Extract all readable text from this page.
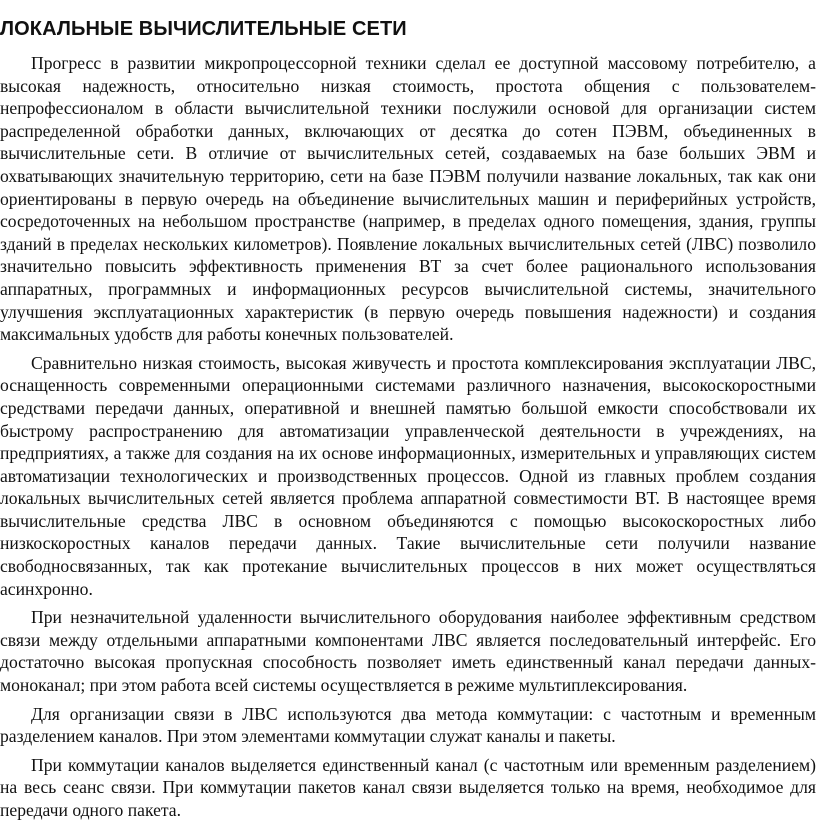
ЛОКАЛЬНЫЕ ВЫЧИСЛИТЕЛЬНЫЕ СЕТИ

Прогресс в развитии микропроцессорной техники сделал ее доступной массовому потребителю, а высокая надежность, относительно низкая стоимость, простота общения с пользователем-непрофессионалом в области вычислительной техники послужили основой для организации систем распределенной обработки данных, включающих от десятка до сотен ПЭВМ, объединенных в вычислительные сети. В отличие от вычислительных сетей, создаваемых на базе больших ЭВМ и охватывающих значительную территорию, сети на базе ПЭВМ получили название локальных, так как они ориентированы в первую очередь на объединение вычислительных машин и периферийных устройств, сосредоточенных на небольшом пространстве (например, в пределах одного помещения, здания, группы зданий в пределах нескольких километров). Появление локальных вычислительных сетей (ЛВС) позволило значительно повысить эффективность применения ВТ за счет более рационального использования аппаратных, программных и информационных ресурсов вычислительной системы, значительного улучшения эксплуатационных характеристик (в первую очередь повышения надежности) и создания максимальных удобств для работы конечных пользователей.

Сравнительно низкая стоимость, высокая живучесть и простота комплексирования эксплуатации ЛВС, оснащенность современными операционными системами различного назначения, высокоскоростными средствами передачи данных, оперативной и внешней памятью большой емкости способствовали их быстрому распространению для автоматизации управленческой деятельности в учреждениях, на предприятиях, а также для создания на их основе информационных, измерительных и управляющих систем автоматизации технологических и производственных процессов. Одной из главных проблем создания локальных вычислительных сетей является проблема аппаратной совместимости ВТ. В настоящее время вычислительные средства ЛВС в основном объединяются с помощью высокоскоростных либо низкоскоростных каналов передачи данных. Такие вычислительные сети получили название свободносвязанных, так как протекание вычислительных процессов в них может осуществляться асинхронно.

При незначительной удаленности вычислительного оборудования наиболее эффективным средством связи между отдельными аппаратными компонентами ЛВС является последовательный интерфейс. Его достаточно высокая пропускная способность позволяет иметь единственный канал передачи данных-моноканал; при этом работа всей системы осуществляется в режиме мультиплексирования.

Для организации связи в ЛВС используются два метода коммутации: с частотным и временным разделением каналов. При этом элементами коммутации служат каналы и пакеты.

При коммутации каналов выделяется единственный канал (с частотным или временным разделением) на весь сеанс связи. При коммутации пакетов канал связи выделяется только на время, необходимое для передачи одного пакета.
